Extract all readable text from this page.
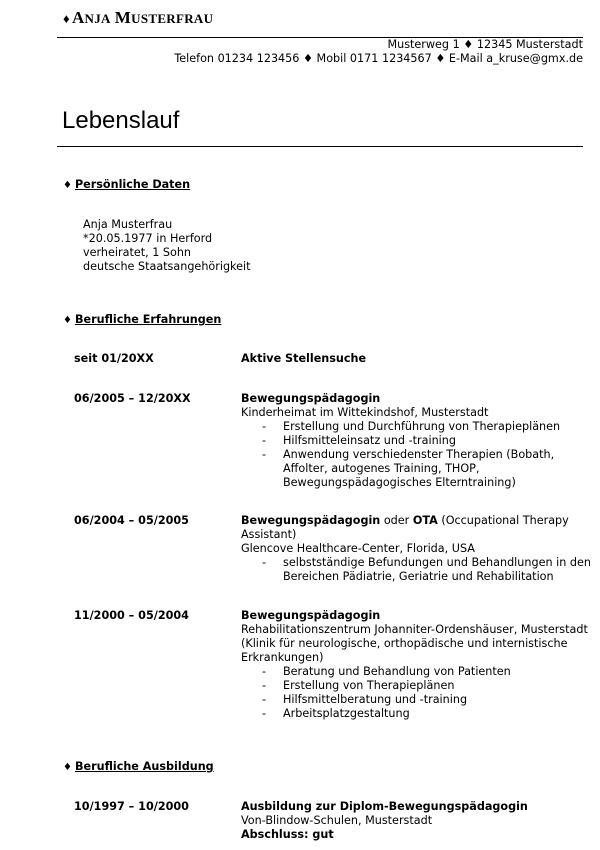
♦ ANJA MUSTERFRAU
Musterweg 1 ♦ 12345 Musterstadt
Telefon 01234 123456 ♦ Mobil 0171 1234567 ♦ E-Mail a_kruse@gmx.de
Lebenslauf
♦ Persönliche Daten
Anja Musterfrau
*20.05.1977 in Herford
verheiratet, 1 Sohn
deutsche Staatsangehörigkeit
♦ Berufliche Erfahrungen
seit 01/20XX	Aktive Stellensuche
06/2005 – 12/20XX	Bewegungspädagogin
Kinderheimat im Wittekindshof, Musterstadt
- Erstellung und Durchführung von Therapieplänen
- Hilfsmitteleinsatz und -training
- Anwendung verschiedenster Therapien (Bobath, Affolter, autogenes Training, THOP, Bewegungspädagogisches Elterntraining)
06/2004 – 05/2005	Bewegungspädagogin oder OTA (Occupational Therapy Assistant)
Glencove Healthcare-Center, Florida, USA
- selbstständige Befundungen und Behandlungen in den Bereichen Pädiatrie, Geriatrie und Rehabilitation
11/2000 – 05/2004	Bewegungspädagogin
Rehabilitationszentrum Johanniter-Ordenshäuser, Musterstadt (Klinik für neurologische, orthopädische und internistische Erkrankungen)
- Beratung und Behandlung von Patienten
- Erstellung von Therapieplänen
- Hilfsmittelberatung und -training
- Arbeitsplatzgestaltung
♦ Berufliche Ausbildung
10/1997 – 10/2000	Ausbildung zur Diplom-Bewegungspädagogin
Von-Blindow-Schulen, Musterstadt
Abschluss: gut
